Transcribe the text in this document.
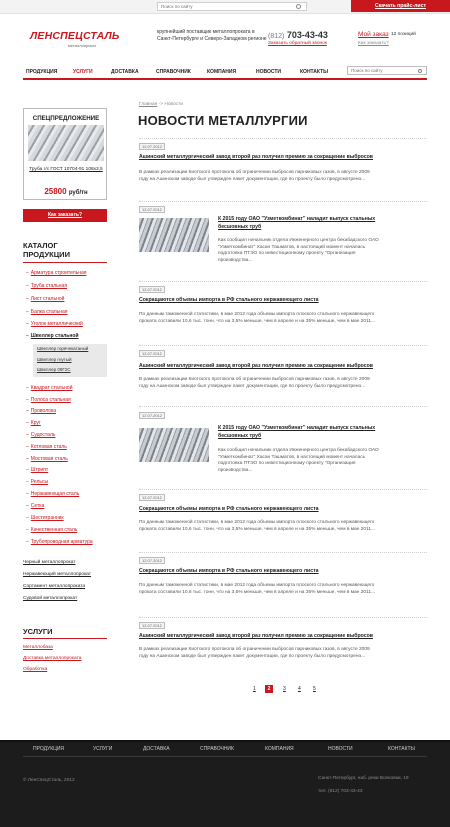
Поиск по сайту
Скачать прайс-лист
ЛЕНСПЕЦСТАЛЬ
металлопрокат
крупнейший поставщик металлопроката в Санкт-Петербурге и Северо-Западном регионе (812) 703-43-43
Заказать обратный звонок
Мой заказ 12 позиций
Как заказать?
ПРОДУКЦИЯ	УСЛУГИ	ДОСТАВКА	СПРАВОЧНИК	КОМПАНИЯ	НОВОСТИ	КОНТАКТЫ
Поиск по сайту
СПЕЦПРЕДЛОЖЕНИЕ
Труба г/с ГОСТ 10704-91 108х3,5
25800 руб/тн
Как заказать?
КАТАЛОГ
ПРОДУКЦИИ
– Арматура строительная
– Труба стальная
– Лист стальной
– Балка стальная
– Уголок металлический
– Швеллер стальной
Швеллер горячекатаный
Швеллер гнутый
Швеллер 09Г2С
– Квадрат стальной
– Полоса стальная
– Проволока
– Круг
– Судосталь
– Котловая сталь
– Мостовая сталь
– Штрипт
– Рельсы
– Нержавеющая сталь
– Сетка
– Шестигранник
– Качественная сталь
– Трубопроводная арматура
Черный металлопрокат
Нержавеющий металлопрокат
Сортамент металлопроката
Судовой металлопрокат
УСЛУГИ
Металлобаза
Доставка металлопроката
Обработка
Главная -> Новости
НОВОСТИ МЕТАЛЛУРГИИ
12.07.2012
Ашинский металлургический завод второй раз получил премию за сокращение выбросов
В рамках реализации Киотского протокола об ограничении выбросов парниковых газов, в августе 2009
году на Ашинском заводе был утвержден пакет документации, где по проекту было предусмотрено...
12.07.2012
К 2015 году ОАО "Узметкомбинат" наладит выпуск стальных
бесшовных труб
Как сообщил начальник отдела Инженерного центра бекабадского ОАО
"Узметкомбинат" Хасан Ташматов, в настоящий момент началась
подготовка ПТЭО по инвестиционному проекту "Организация
производства...
12.07.2012
Сокращаются объемы импорта в РФ стального нержавеющего листа
По данным таможенной статистики, в мае 2012 года объемы импорта плоского стального нержавеющего
проката составили 10,6 тыс. тонн, что на 3,5% меньше, чем в апреле и на 35% меньше, чем в мае 2011...
12.07.2012
Ашинский металлургический завод второй раз получил премию за сокращение выбросов
В рамках реализации Киотского протокола об ограничении выбросов парниковых газов, в августе 2009
году на Ашинском заводе был утвержден пакет документации, где по проекту было предусмотрено...
12.07.2012
К 2015 году ОАО "Узметкомбинат" наладит выпуск стальных
бесшовных труб
Как сообщил начальник отдела Инженерного центра бекабадского ОАО
"Узметкомбинат" Хасан Ташматов, в настоящий момент началась
подготовка ПТЭО по инвестиционному проекту "Организация
производства...
12.07.2012
Сокращаются объемы импорта в РФ стального нержавеющего листа
По данным таможенной статистики, в мае 2012 года объемы импорта плоского стального нержавеющего
проката составили 10,6 тыс. тонн, что на 3,5% меньше, чем в апреле и на 35% меньше, чем в мае 2011...
12.07.2012
Сокращаются объемы импорта в РФ стального нержавеющего листа
По данным таможенной статистики, в мае 2012 года объемы импорта плоского стального нержавеющего
проката составили 10,6 тыс. тонн, что на 3,5% меньше, чем в апреле и на 35% меньше, чем в мае 2011...
12.07.2012
Ашинский металлургический завод второй раз получил премию за сокращение выбросов
В рамках реализации Киотского протокола об ограничении выбросов парниковых газов, в августе 2009
году на Ашинском заводе был утвержден пакет документации, где по проекту было предусмотрено...
1	2	3 4 5
ПРОДУКЦИЯ	УСЛУГИ	ДОСТАВКА	СПРАВОЧНИК	КОМПАНИЯ	НОВОСТИ	КОНТАКТЫ
© ЛенСпецСталь, 2012	Санкт-Петербург, наб. реки Волковки, 19
тел. (812) 703-43-43
